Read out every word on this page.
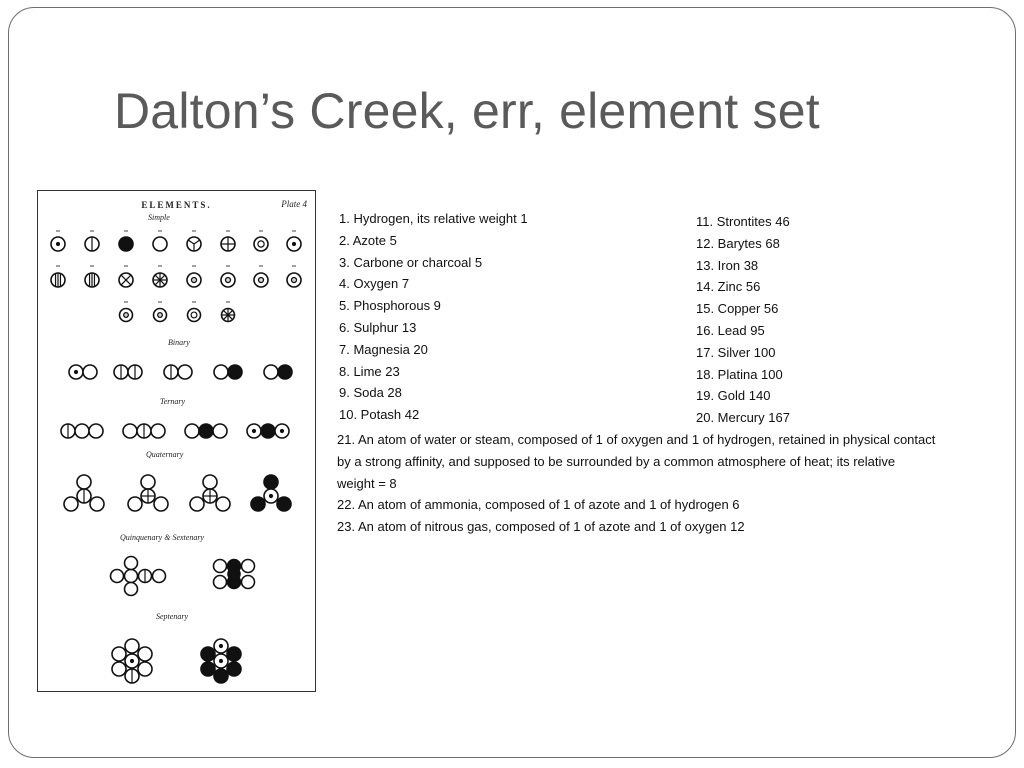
Dalton’s Creek, err, element set
ELEMENTS.	Plate 4
Simple
Binary
Ternary
Quaternary
Quinquenary & Sextenary
Septenary
·	·	·	·
·	·
1. Hydrogen, its relative weight 1
2. Azote 5
3. Carbone or charcoal 5
4. Oxygen 7
5. Phosphorous 9
6. Sulphur 13
7. Magnesia 20
8. Lime 23
9. Soda 28
10. Potash 42
11. Strontites 46
12. Barytes 68
13. Iron 38
14. Zinc 56
15. Copper 56
16. Lead 95
17. Silver 100
18. Platina 100
19. Gold 140
20. Mercury 167
21. An atom of water or steam, composed of 1 of oxygen and 1 of hydrogen, retained in physical contact
by a strong affinity, and supposed to be surrounded by a common atmosphere of heat; its relative
weight = 8
22. An atom of ammonia, composed of 1 of azote and 1 of hydrogen 6
23. An atom of nitrous gas, composed of 1 of azote and 1 of oxygen 12
